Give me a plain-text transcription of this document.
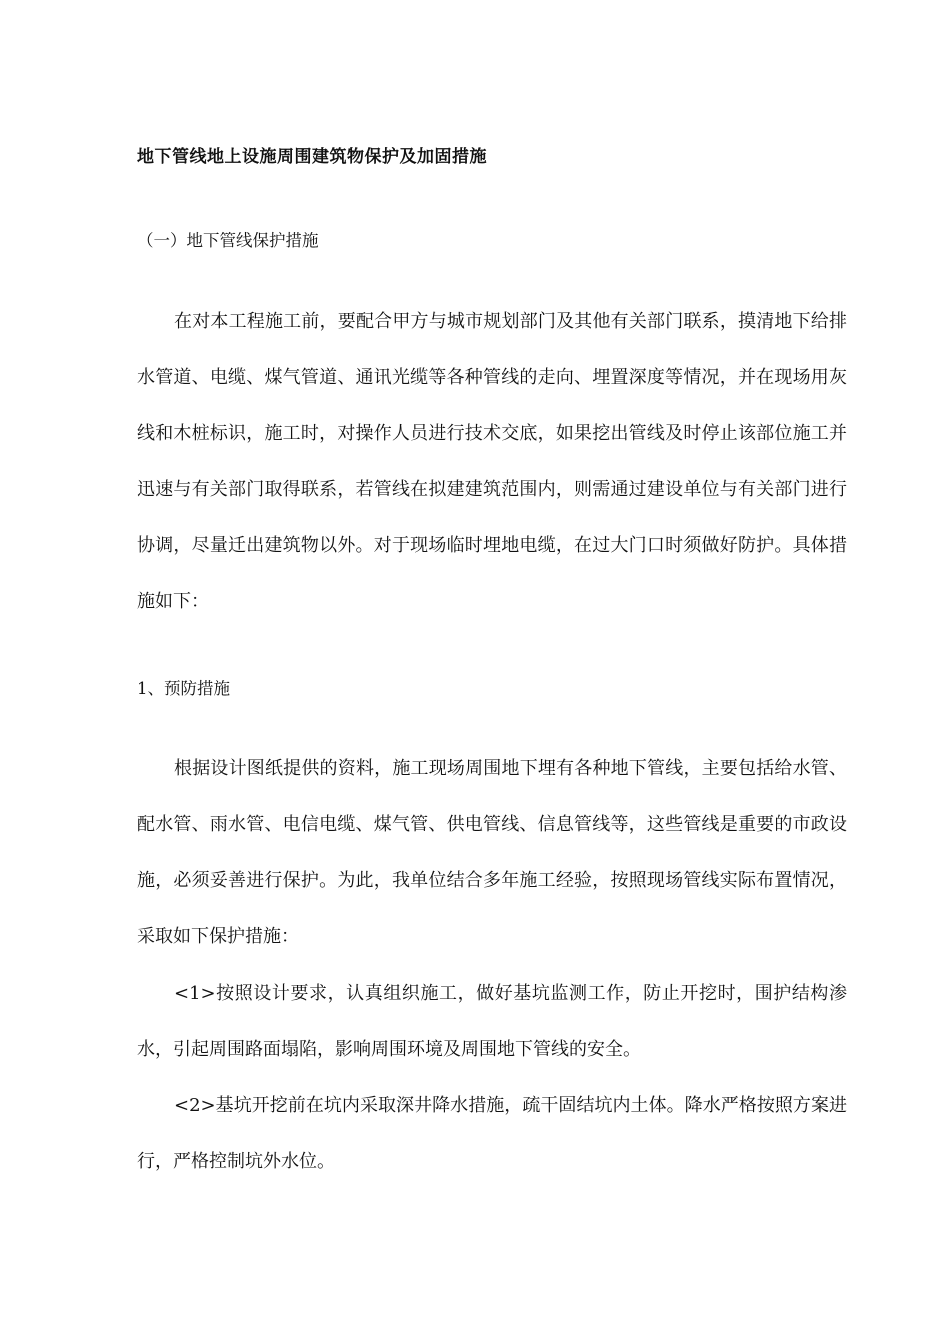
地下管线地上设施周围建筑物保护及加固措施
（一）地下管线保护措施
在对本工程施工前，要配合甲方与城市规划部门及其他有关部门联系，摸清地下给排水管道、电缆、煤气管道、通讯光缆等各种管线的走向、埋置深度等情况，并在现场用灰线和木桩标识，施工时，对操作人员进行技术交底，如果挖出管线及时停止该部位施工并迅速与有关部门取得联系，若管线在拟建建筑范围内，则需通过建设单位与有关部门进行协调，尽量迁出建筑物以外。对于现场临时埋地电缆，在过大门口时须做好防护。具体措施如下：
1、预防措施
根据设计图纸提供的资料，施工现场周围地下埋有各种地下管线，主要包括给水管、配水管、雨水管、电信电缆、煤气管、供电管线、信息管线等，这些管线是重要的市政设施，必须妥善进行保护。为此，我单位结合多年施工经验，按照现场管线实际布置情况，采取如下保护措施：
<1>按照设计要求，认真组织施工，做好基坑监测工作，防止开挖时，围护结构渗水，引起周围路面塌陷，影响周围环境及周围地下管线的安全。
<2>基坑开挖前在坑内采取深井降水措施，疏干固结坑内土体。降水严格按照方案进行，严格控制坑外水位。
